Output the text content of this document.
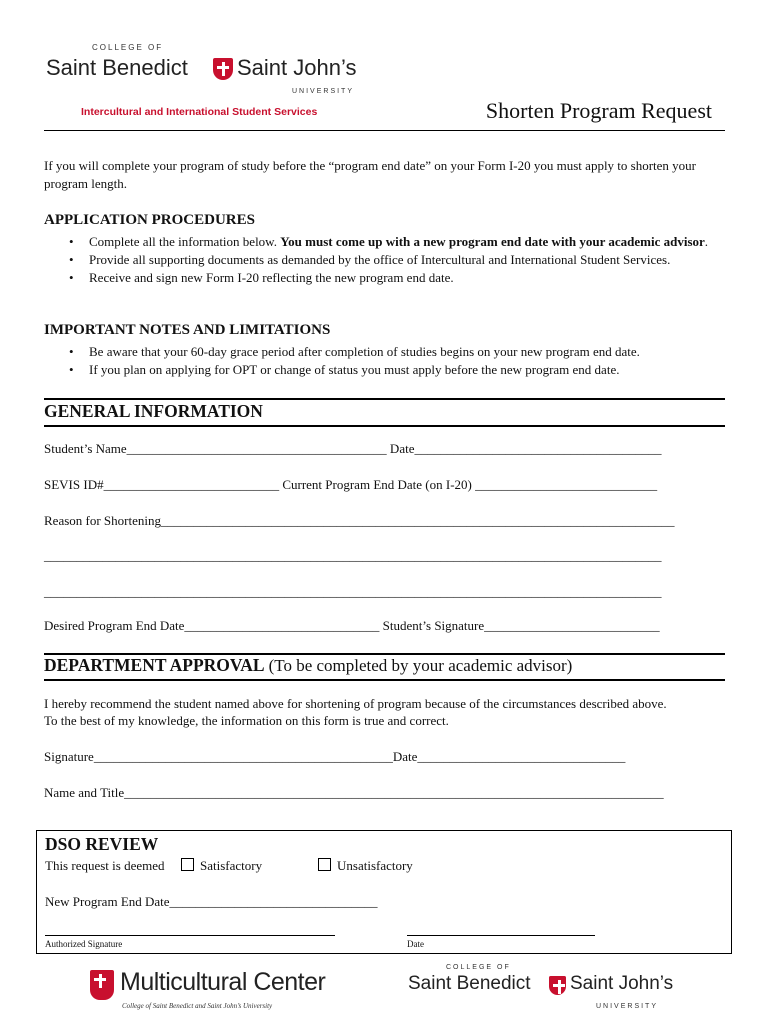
COLLEGE OF
Saint Benedict Saint John’s
UNIVERSITY
Intercultural and International Student Services	Shorten Program Request
If you will complete your program of study before the “program end date” on your Form I-20 you must apply to shorten your program length.
APPLICATION PROCEDURES
• Complete all the information below. You must come up with a new program end date with your academic advisor.
• Provide all supporting documents as demanded by the office of Intercultural and International Student Services.
• Receive and sign new Form I-20 reflecting the new program end date.
IMPORTANT NOTES AND LIMITATIONS
• Be aware that your 60-day grace period after completion of studies begins on your new program end date.
• If you plan on applying for OPT or change of status you must apply before the new program end date.
GENERAL INFORMATION
Student’s Name________________________________________ Date______________________________________
SEVIS ID#___________________________ Current Program End Date (on I-20) ____________________________
Reason for Shortening_______________________________________________________________________________
_______________________________________________________________________________________________
_______________________________________________________________________________________________
Desired Program End Date______________________________ Student’s Signature___________________________
DEPARTMENT APPROVAL (To be completed by your academic advisor)
I hereby recommend the student named above for shortening of program because of the circumstances described above.
To the best of my knowledge, the information on this form is true and correct.
Signature______________________________________________Date________________________________
Name and Title___________________________________________________________________________________
DSO REVIEW
This request is deemed	Satisfactory	Unsatisfactory
New Program End Date________________________________
Authorized Signature	Date
Multicultural Center
College of Saint Benedict and Saint John’s University
COLLEGE OF
Saint Benedict Saint John’s
UNIVERSITY
